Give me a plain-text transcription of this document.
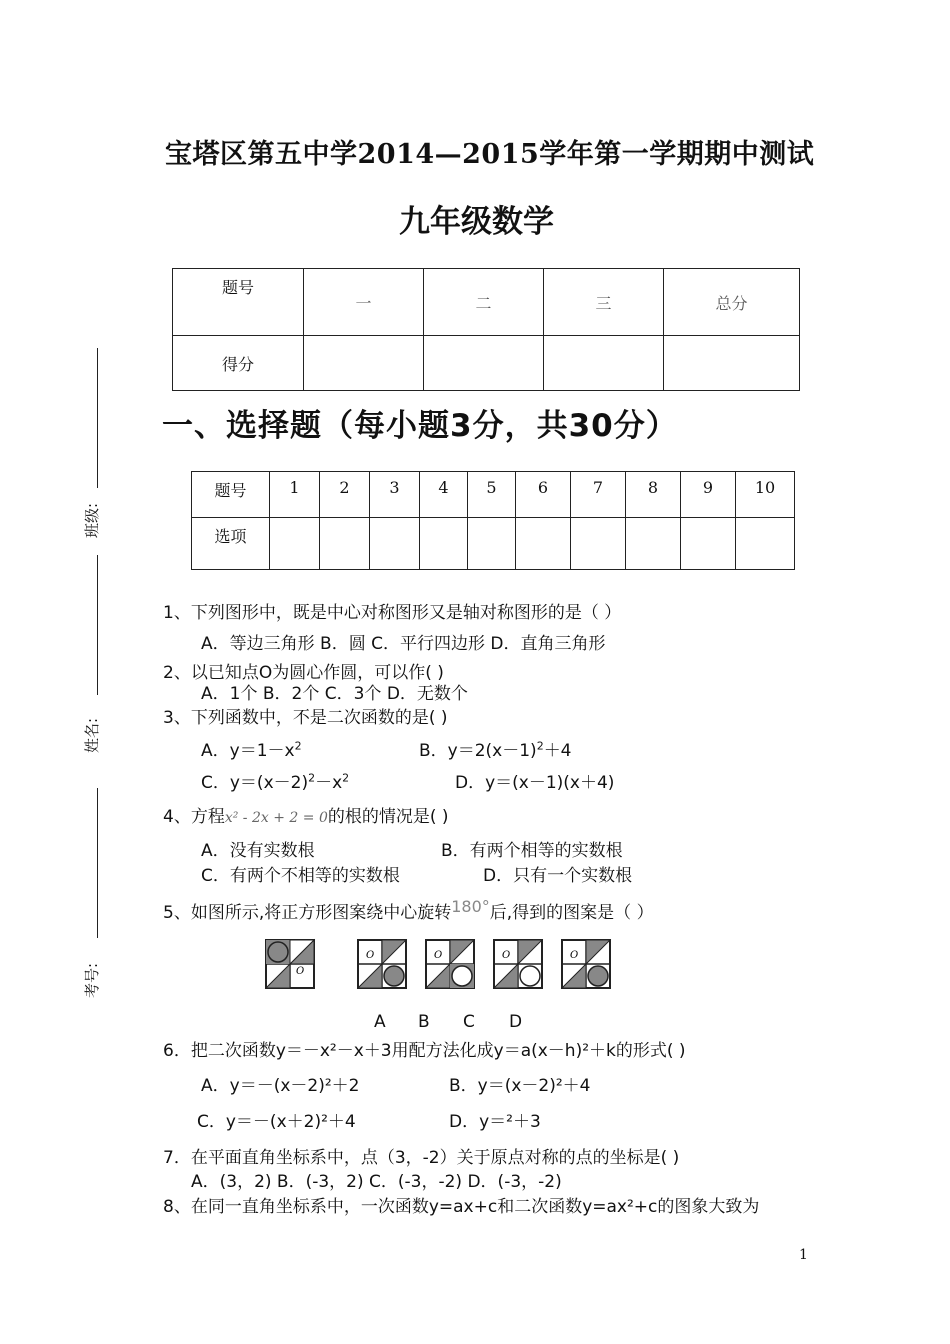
宝塔区第五中学2014—2015学年第一学期期中测试
九年级数学
题号	一	二	三	总分
得分				
一、选择题（每小题3分，共30分）
题号	1	2	3	4	5	6	7	8	9	10
选项										
班级:
姓名:
考号:
1、下列图形中，既是中心对称图形又是轴对称图形的是（ ）
A．等边三角形 B．圆 C．平行四边形 D．直角三角形
2、以已知点O为圆心作圆，可以作( )
A．1个 B．2个 C．3个 D．无数个
3、下列函数中，不是二次函数的是( )
A．$y=1-x^2$	B．$y=2(x-1)^2+4$
C．$y=(x-2)^2-x^2$	D．y＝(x－1)(x＋4)
4、方程x² - 2x + 2 = 0的根的情况是( )
A．没有实数根	B．有两个相等的实数根
C．有两个不相等的实数根	D．只有一个实数根
5、如图所示,将正方形图案绕中心旋转180°后,得到的图案是（ ）
O
O	O	O	O
A B C D
6．把二次函数y＝－x²－x＋3用配方法化成y＝a(x－h)²＋k的形式( )
A．y＝－(x－2)²＋2	B．y＝(x－2)²＋4
C．y＝－(x＋2)²＋4	D．y＝²＋3
7．在平面直角坐标系中，点（3，-2）关于原点对称的点的坐标是( )
A．(3，2) B．(-3，2) C．(-3，-2) D．(-3，-2)
8、在同一直角坐标系中，一次函数y=ax+c和二次函数y=ax²+c的图象大致为
1
